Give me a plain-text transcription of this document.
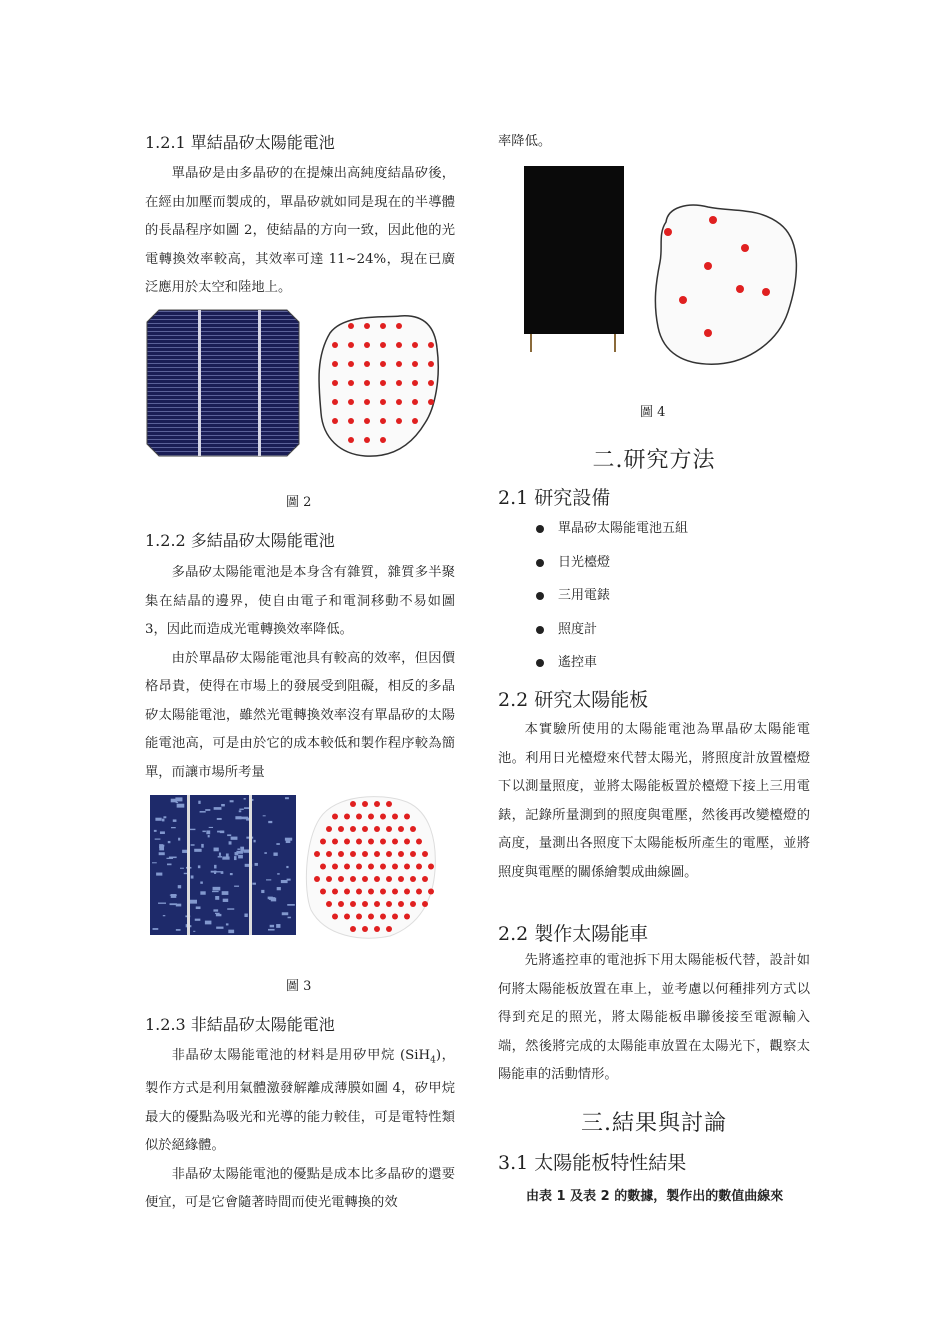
1.2.1 單結晶矽太陽能電池

單晶矽是由多晶矽的在提煉出高純度結晶矽後，在經由加壓而製成的，單晶矽就如同是現在的半導體的長晶程序如圖 2，使結晶的方向一致，因此他的光電轉換效率較高，其效率可達 11~24%，現在已廣泛應用於太空和陸地上。

圖 2
1.2.2 多結晶矽太陽能電池

多晶矽太陽能電池是本身含有雜質，雜質多半聚集在結晶的邊界，使自由電子和電洞移動不易如圖 3，因此而造成光電轉換效率降低。

由於單晶矽太陽能電池具有較高的效率，但因價格昂貴，使得在市場上的發展受到阻礙，相反的多晶矽太陽能電池，雖然光電轉換效率沒有單晶矽的太陽能電池高，可是由於它的成本較低和製作程序較為簡單，而讓市場所考量

圖 3
1.2.3 非結晶矽太陽能電池

非晶矽太陽能電池的材料是用矽甲烷 (SiH$_4$)，製作方式是利用氣體激發解離成薄膜如圖 4，矽甲烷最大的優點為吸光和光導的能力較佳，可是電特性類似於絕緣體。

非晶矽太陽能電池的優點是成本比多晶矽的還要便宜，可是它會隨著時間而使光電轉換的效

率降低。

圖 4
二.研究方法
2.1 研究設備
單晶矽太陽能電池五組
日光檯燈
三用電錶
照度計
遙控車
2.2 研究太陽能板

本實驗所使用的太陽能電池為單晶矽太陽能電池。利用日光檯燈來代替太陽光，將照度計放置檯燈下以測量照度，並將太陽能板置於檯燈下接上三用電錶，記錄所量測到的照度與電壓，然後再改變檯燈的高度，量測出各照度下太陽能板所產生的電壓，並將照度與電壓的關係繪製成曲線圖。

2.2 製作太陽能車

先將遙控車的電池拆下用太陽能板代替，設計如何將太陽能板放置在車上，並考慮以何種排列方式以得到充足的照光，將太陽能板串聯後接至電源輸入端，然後將完成的太陽能車放置在太陽光下，觀察太陽能車的活動情形。

三.結果與討論
3.1 太陽能板特性結果
由表 1 及表 2 的數據，製作出的數值曲線來
